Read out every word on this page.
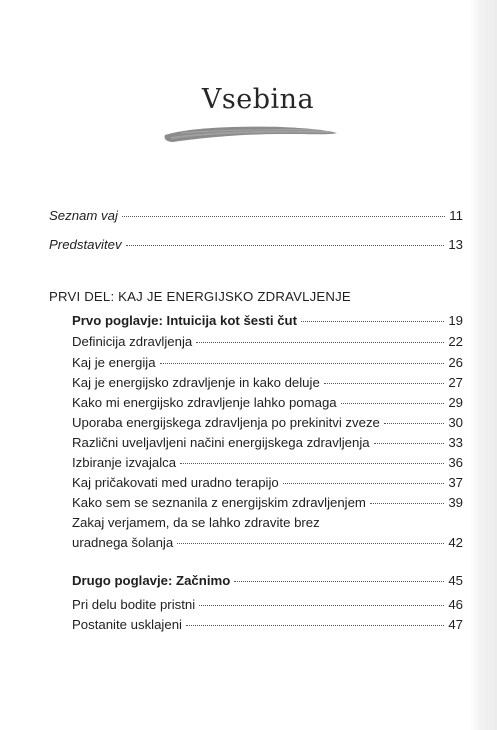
Vsebina
Seznam vaj	11
Predstavitev	13
PRVI DEL: KAJ JE ENERGIJSKO ZDRAVLJENJE
Prvo poglavje: Intuicija kot šesti čut	19
Definicija zdravljenja	22
Kaj je energija	26
Kaj je energijsko zdravljenje in kako deluje	27
Kako mi energijsko zdravljenje lahko pomaga	29
Uporaba energijskega zdravljenja po prekinitvi zveze	30
Različni uveljavljeni načini energijskega zdravljenja	33
Izbiranje izvajalca	36
Kaj pričakovati med uradno terapijo	37
Kako sem se seznanila z energijskim zdravljenjem	39
Zakaj verjamem, da se lahko zdravite brez
uradnega šolanja	42
Drugo poglavje: Začnimo	45
Pri delu bodite pristni	46
Postanite usklajeni	47
